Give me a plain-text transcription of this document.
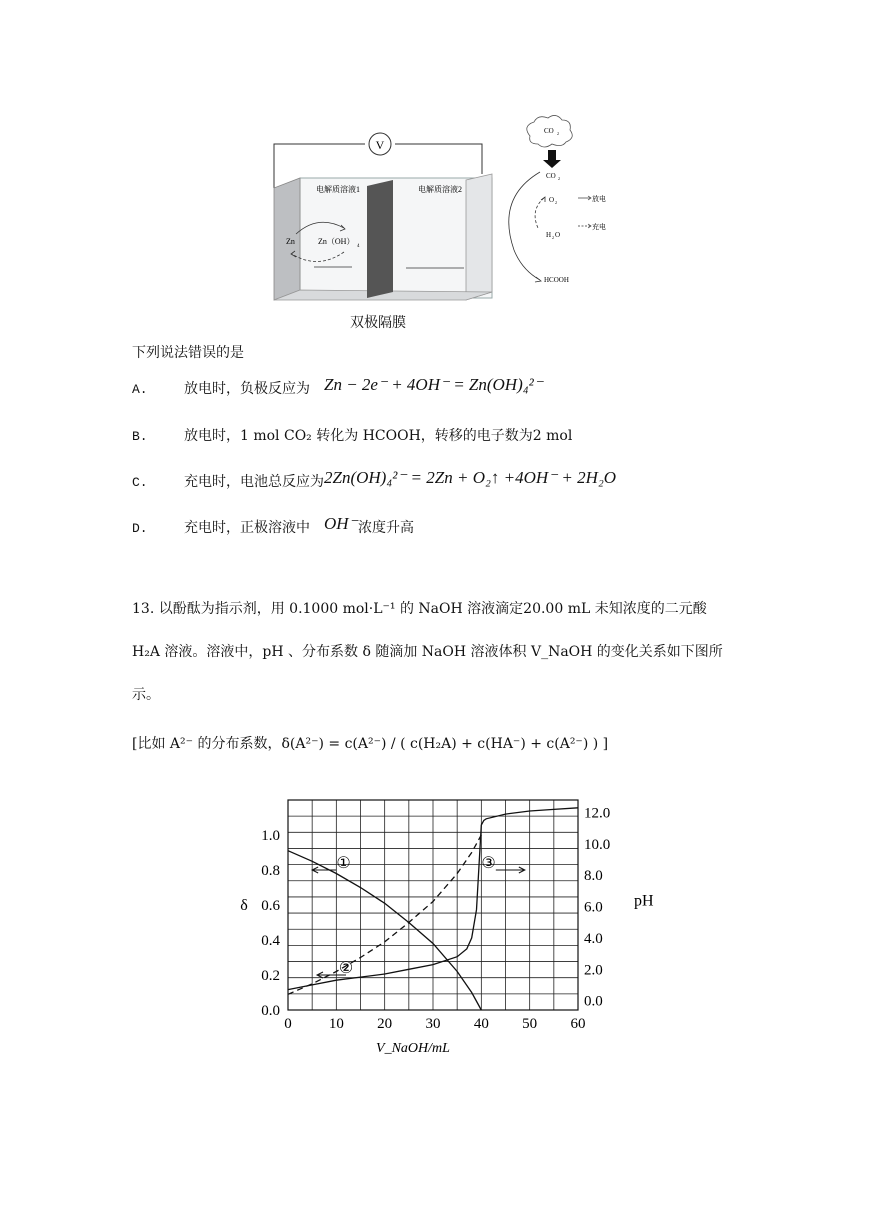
V
电解质溶液1	电解质溶液2
Zn	Zn（OH）
4
CO 2
CO 2
O 2
H 2 O
HCOOH
放电
充电
双极隔膜
下列说法错误的是
A.	放电时，负极反应为 Zn − 2e⁻ + 4OH⁻ = Zn(OH)₄²⁻
B.	放电时，1 mol CO₂ 转化为 HCOOH，转移的电子数为2 mol
C.	充电时，电池总反应为 2Zn(OH)₄²⁻ = 2Zn + O₂↑ +4OH⁻ + 2H₂O
D.	充电时，正极溶液中 OH⁻ 浓度升高
13. 以酚酞为指示剂，用 0.1000 mol·L⁻¹ 的 NaOH 溶液滴定20.00 mL 未知浓度的二元酸
H₂A 溶液。溶液中，pH 、分布系数 δ 随滴加 NaOH 溶液体积 V_NaOH 的变化关系如下图所
示。
[比如 A²⁻ 的分布系数，δ(A²⁻) = c(A²⁻) / ( c(H₂A) + c(HA⁻) + c(A²⁻) ) ]
0 10 20 30 40 50 60
0.0
0.2
0.4
0.6
0.8
1.0
0.0
2.0
4.0
6.0
8.0
10.0
12.0
δ	pH
V_NaOH/mL
①
②
③
